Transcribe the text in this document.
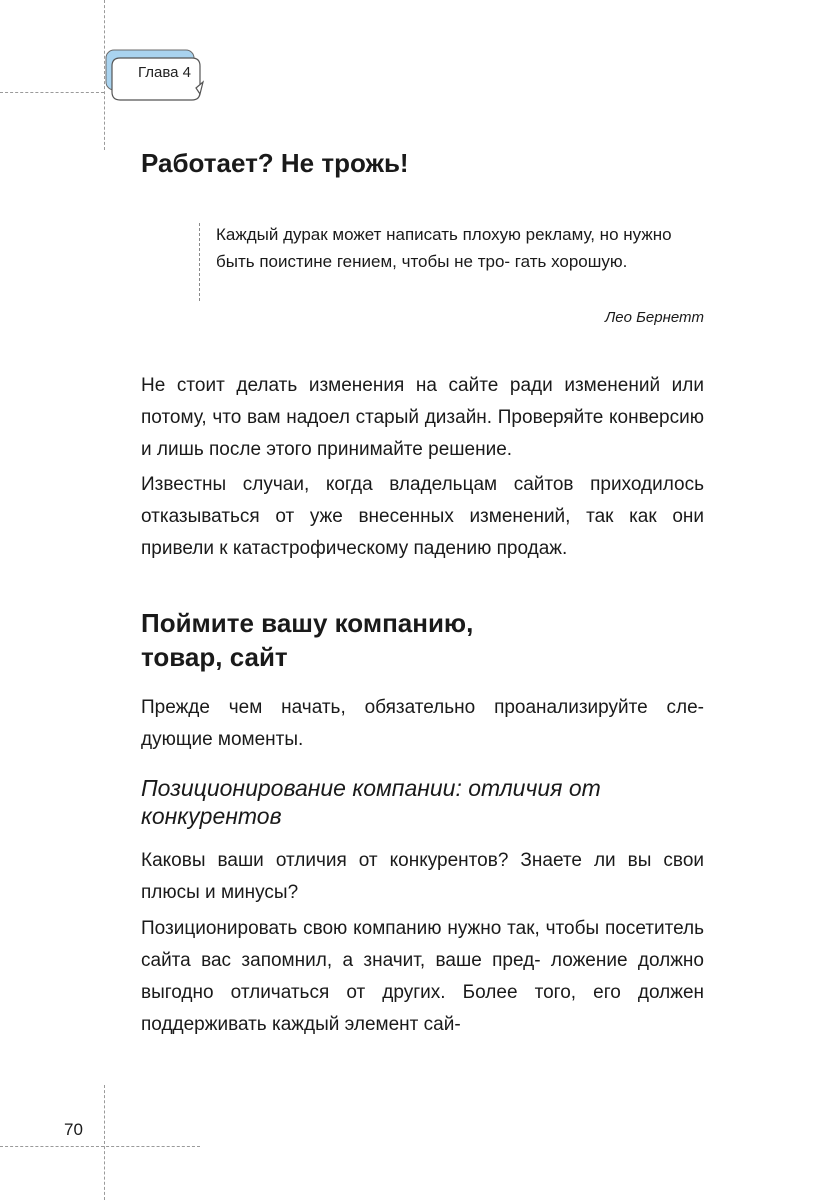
Глава 4
Работает? Не трожь!

Каждый дурак может написать плохую рекламу, но нужно быть поистине гением, чтобы не тро- гать хорошую.

Лео Бернетт

Не стоит делать изменения на сайте ради изменений или потому, что вам надоел старый дизайн. Проверяйте конверсию и лишь после этого принимайте решение.

Известны случаи, когда владельцам сайтов приходилось отказываться от уже внесенных изменений, так как они привели к катастрофическому падению продаж.

Поймите вашу компанию, товар, сайт

Прежде чем начать, обязательно проанализируйте сле- дующие моменты.

Позиционирование компании: отличия от конкурентов

Каковы ваши отличия от конкурентов? Знаете ли вы свои плюсы и минусы?

Позиционировать свою компанию нужно так, чтобы посетитель сайта вас запомнил, а значит, ваше пред- ложение должно выгодно отличаться от других. Более того, его должен поддерживать каждый элемент сай-

70
